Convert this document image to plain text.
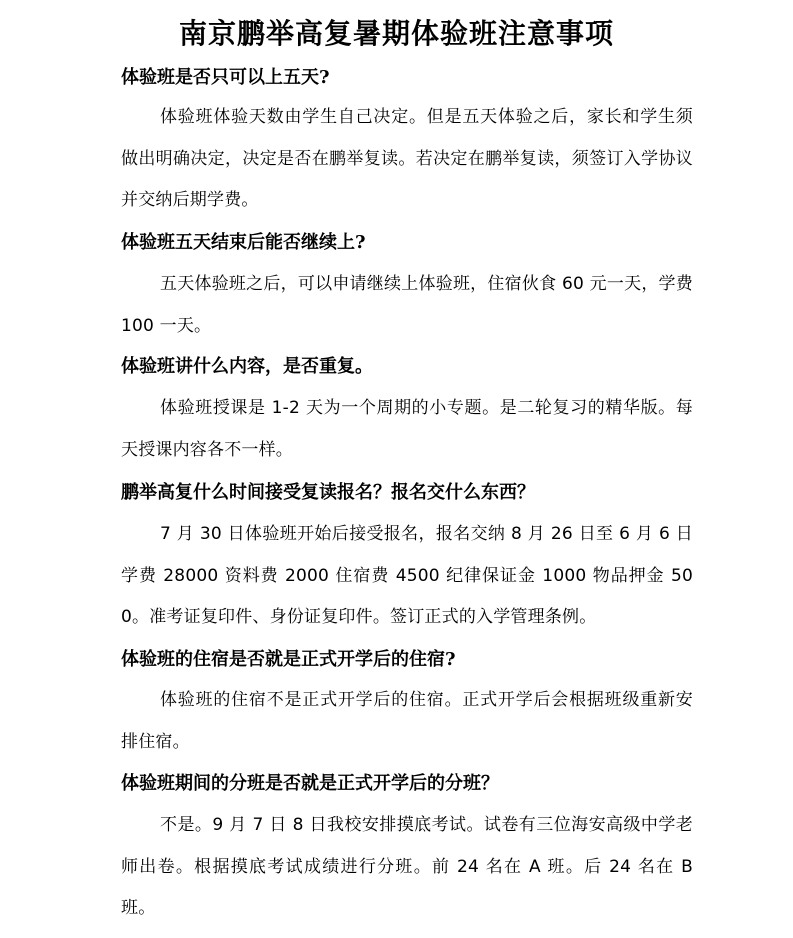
南京鹏举高复暑期体验班注意事项
体验班是否只可以上五天?
体验班体验天数由学生自己决定。但是五天体验之后，家长和学生须做出明确决定，决定是否在鹏举复读。若决定在鹏举复读，须签订入学协议并交纳后期学费。
体验班五天结束后能否继续上?
五天体验班之后，可以申请继续上体验班，住宿伙食 60 元一天，学费 100 一天。
体验班讲什么内容，是否重复。
体验班授课是 1-2 天为一个周期的小专题。是二轮复习的精华版。每天授课内容各不一样。
鹏举高复什么时间接受复读报名？报名交什么东西？
7 月 30 日体验班开始后接受报名，报名交纳 8 月 26 日至 6 月 6 日学费 28000 资料费 2000 住宿费 4500 纪律保证金 1000 物品押金 500。准考证复印件、身份证复印件。签订正式的入学管理条例。
体验班的住宿是否就是正式开学后的住宿?
体验班的住宿不是正式开学后的住宿。正式开学后会根据班级重新安排住宿。
体验班期间的分班是否就是正式开学后的分班？
不是。9 月 7 日 8 日我校安排摸底考试。试卷有三位海安高级中学老师出卷。根据摸底考试成绩进行分班。前 24 名在 A 班。后 24 名在 B 班。
